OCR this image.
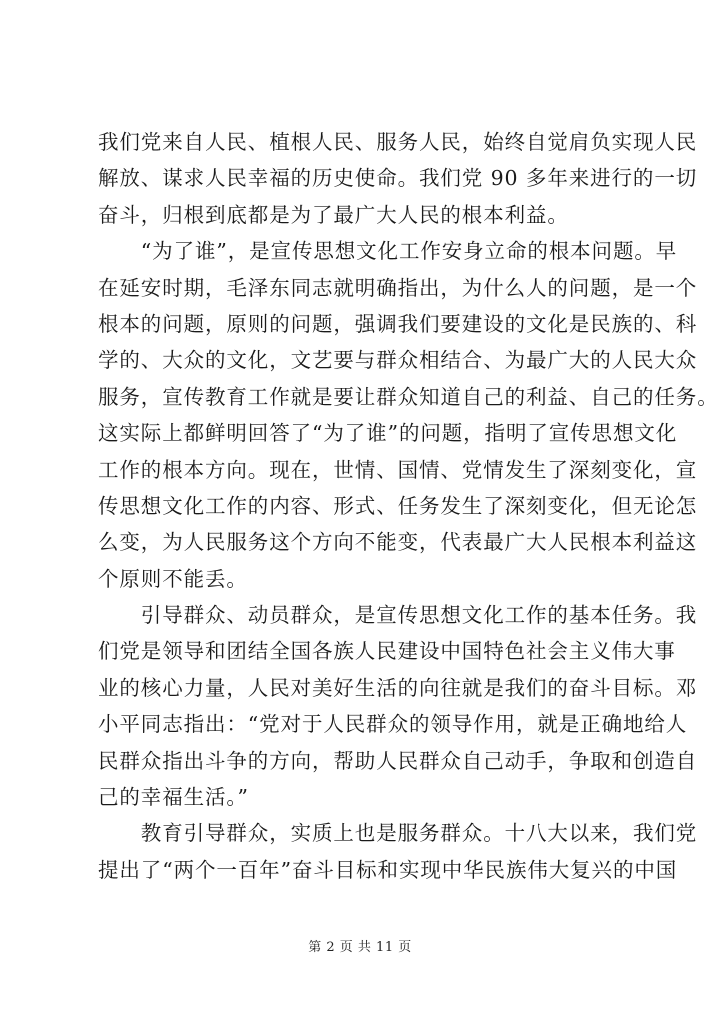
我们党来自人民、植根人民、服务人民，始终自觉肩负实现人民
解放、谋求人民幸福的历史使命。我们党 90 多年来进行的一切
奋斗，归根到底都是为了最广大人民的根本利益。
　　“为了谁”，是宣传思想文化工作安身立命的根本问题。早
在延安时期，毛泽东同志就明确指出，为什么人的问题，是一个
根本的问题，原则的问题，强调我们要建设的文化是民族的、科
学的、大众的文化，文艺要与群众相结合、为最广大的人民大众
服务，宣传教育工作就是要让群众知道自己的利益、自己的任务。
这实际上都鲜明回答了“为了谁”的问题，指明了宣传思想文化
工作的根本方向。现在，世情、国情、党情发生了深刻变化，宣
传思想文化工作的内容、形式、任务发生了深刻变化，但无论怎
么变，为人民服务这个方向不能变，代表最广大人民根本利益这
个原则不能丢。
　　引导群众、动员群众，是宣传思想文化工作的基本任务。我
们党是领导和团结全国各族人民建设中国特色社会主义伟大事
业的核心力量，人民对美好生活的向往就是我们的奋斗目标。邓
小平同志指出：“党对于人民群众的领导作用，就是正确地给人
民群众指出斗争的方向，帮助人民群众自己动手，争取和创造自
己的幸福生活。”
　　教育引导群众，实质上也是服务群众。十八大以来，我们党
提出了“两个一百年”奋斗目标和实现中华民族伟大复兴的中国
第 2 页 共 11 页
